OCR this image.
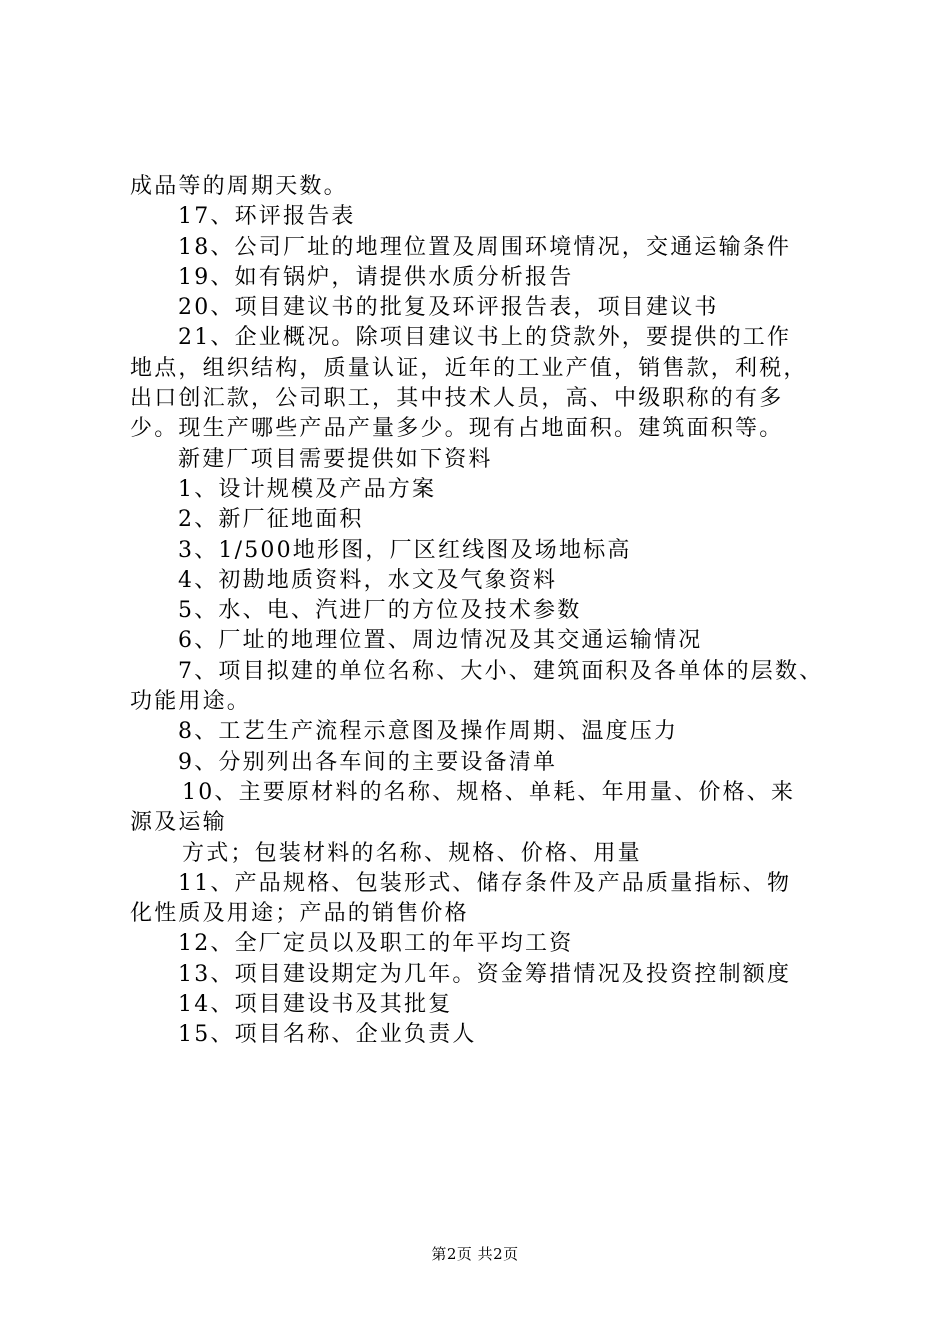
成品等的周期天数。
17、环评报告表
18、公司厂址的地理位置及周围环境情况，交通运输条件
19、如有锅炉，请提供水质分析报告
20、项目建议书的批复及环评报告表，项目建议书
21、企业概况。除项目建议书上的贷款外，要提供的工作
地点，组织结构，质量认证，近年的工业产值，销售款，利税，
出口创汇款，公司职工，其中技术人员，高、中级职称的有多
少。现生产哪些产品产量多少。现有占地面积。建筑面积等。
新建厂项目需要提供如下资料
1、设计规模及产品方案
2、新厂征地面积
3、1/500地形图，厂区红线图及场地标高
4、初勘地质资料，水文及气象资料
5、水、电、汽进厂的方位及技术参数
6、厂址的地理位置、周边情况及其交通运输情况
7、项目拟建的单位名称、大小、建筑面积及各单体的层数、
功能用途。
8、工艺生产流程示意图及操作周期、温度压力
9、分别列出各车间的主要设备清单
10、主要原材料的名称、规格、单耗、年用量、价格、来
源及运输
方式；包装材料的名称、规格、价格、用量
11、产品规格、包装形式、储存条件及产品质量指标、物
化性质及用途；产品的销售价格
12、全厂定员以及职工的年平均工资
13、项目建设期定为几年。资金筹措情况及投资控制额度
14、项目建设书及其批复
15、项目名称、企业负责人
第2页 共2页
